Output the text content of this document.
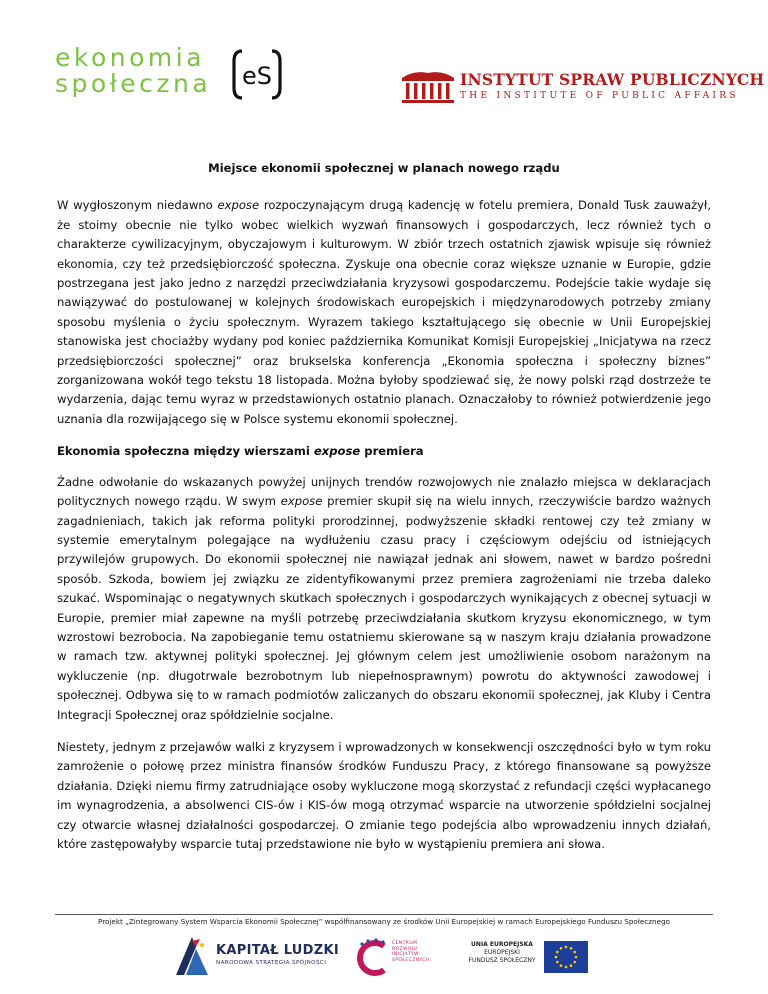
ekonomia
społeczna eS	INSTYTUT SPRAW PUBLICZNYCH
THE INSTITUTE OF PUBLIC AFFAIRS

Miejsce ekonomii społecznej w planach nowego rządu

W wygłoszonym niedawno expose rozpoczynającym drugą kadencję w fotelu premiera, Donald Tusk zauważył, że stoimy obecnie nie tylko wobec wielkich wyzwań finansowych i gospodarczych, lecz również tych o charakterze cywilizacyjnym, obyczajowym i kulturowym. W zbiór trzech ostatnich zjawisk wpisuje się również ekonomia, czy też przedsiębiorczość społeczna. Zyskuje ona obecnie coraz większe uznanie w Europie, gdzie postrzegana jest jako jedno z narzędzi przeciwdziałania kryzysowi gospodarczemu. Podejście takie wydaje się nawiązywać do postulowanej w kolejnych środowiskach europejskich i międzynarodowych potrzeby zmiany sposobu myślenia o życiu społecznym. Wyrazem takiego kształtującego się obecnie w Unii Europejskiej stanowiska jest chociażby wydany pod koniec października Komunikat Komisji Europejskiej „Inicjatywa na rzecz przedsiębiorczości społecznej” oraz brukselska konferencja „Ekonomia społeczna i społeczny biznes” zorganizowana wokół tego tekstu 18 listopada. Można byłoby spodziewać się, że nowy polski rząd dostrzeże te wydarzenia, dając temu wyraz w przedstawionych ostatnio planach. Oznaczałoby to również potwierdzenie jego uznania dla rozwijającego się w Polsce systemu ekonomii społecznej.

Ekonomia społeczna między wierszami expose premiera

Żadne odwołanie do wskazanych powyżej unijnych trendów rozwojowych nie znalazło miejsca w deklaracjach politycznych nowego rządu. W swym expose premier skupił się na wielu innych, rzeczywiście bardzo ważnych zagadnieniach, takich jak reforma polityki prorodzinnej, podwyższenie składki rentowej czy też zmiany w systemie emerytalnym polegające na wydłużeniu czasu pracy i częściowym odejściu od istniejących przywilejów grupowych. Do ekonomii społecznej nie nawiązał jednak ani słowem, nawet w bardzo pośredni sposób. Szkoda, bowiem jej związku ze zidentyfikowanymi przez premiera zagrożeniami nie trzeba daleko szukać. Wspominając o negatywnych skutkach społecznych i gospodarczych wynikających z obecnej sytuacji w Europie, premier miał zapewne na myśli potrzebę przeciwdziałania skutkom kryzysu ekonomicznego, w tym wzrostowi bezrobocia. Na zapobieganie temu ostatniemu skierowane są w naszym kraju działania prowadzone w ramach tzw. aktywnej polityki społecznej. Jej głównym celem jest umożliwienie osobom narażonym na wykluczenie (np. długotrwale bezrobotnym lub niepełnosprawnym) powrotu do aktywności zawodowej i społecznej. Odbywa się to w ramach podmiotów zaliczanych do obszaru ekonomii społecznej, jak Kluby i Centra Integracji Społecznej oraz spółdzielnie socjalne.

Niestety, jednym z przejawów walki z kryzysem i wprowadzonych w konsekwencji oszczędności było w tym roku zamrożenie o połowę przez ministra finansów środków Funduszu Pracy, z którego finansowane są powyższe działania. Dzięki niemu firmy zatrudniające osoby wykluczone mogą skorzystać z refundacji części wypłacanego im wynagrodzenia, a absolwenci CIS-ów i KIS-ów mogą otrzymać wsparcie na utworzenie spółdzielni socjalnej czy otwarcie własnej działalności gospodarczej. O zmianie tego podejścia albo wprowadzeniu innych działań, które zastępowałyby wsparcie tutaj przedstawione nie było w wystąpieniu premiera ani słowa.

Projekt „Zintegrowany System Wsparcia Ekonomii Społecznej” współfinansowany ze środków Unii Europejskiej w ramach Europejskiego Funduszu Społecznego
KAPITAŁ LUDZKI
NARODOWA STRATEGIA SPÓJNOŚCI
CENTRUM
ROZWOJU
INICJATYW
SPOŁECZNYCH
UNIA EUROPEJSKA
EUROPEJSKI
FUNDUSZ SPOŁECZNY
